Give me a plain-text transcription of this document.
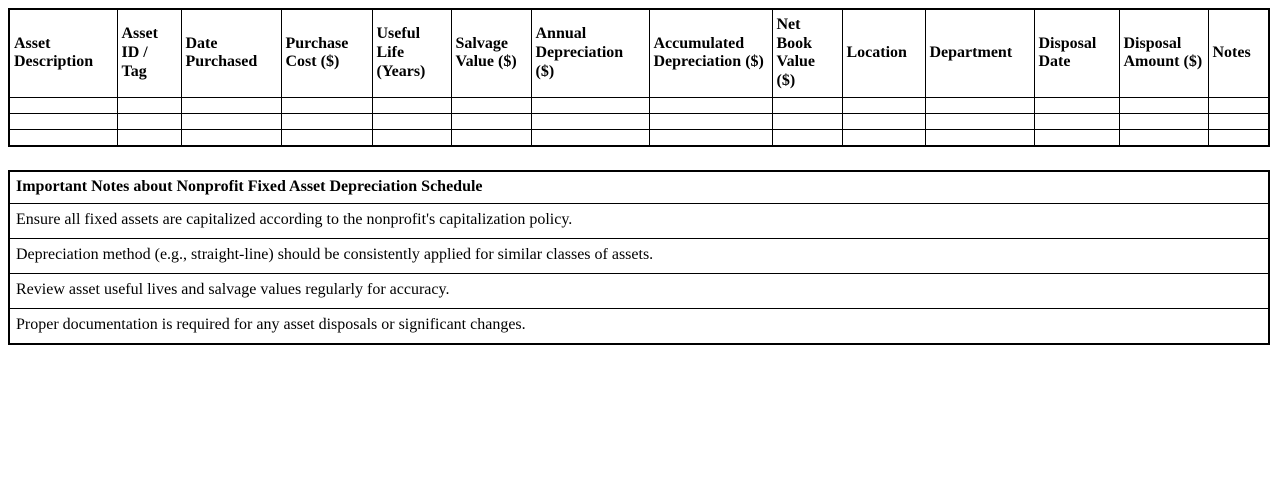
Asset Description	Asset ID / Tag	Date Purchased	Purchase Cost ($)	Useful Life (Years)	Salvage Value ($)	Annual Depreciation ($)	Accumulated Depreciation ($)	Net Book Value ($)	Location	Department	Disposal Date	Disposal Amount ($)	Notes

Important Notes about Nonprofit Fixed Asset Depreciation Schedule
Ensure all fixed assets are capitalized according to the nonprofit's capitalization policy.
Depreciation method (e.g., straight-line) should be consistently applied for similar classes of assets.
Review asset useful lives and salvage values regularly for accuracy.
Proper documentation is required for any asset disposals or significant changes.
